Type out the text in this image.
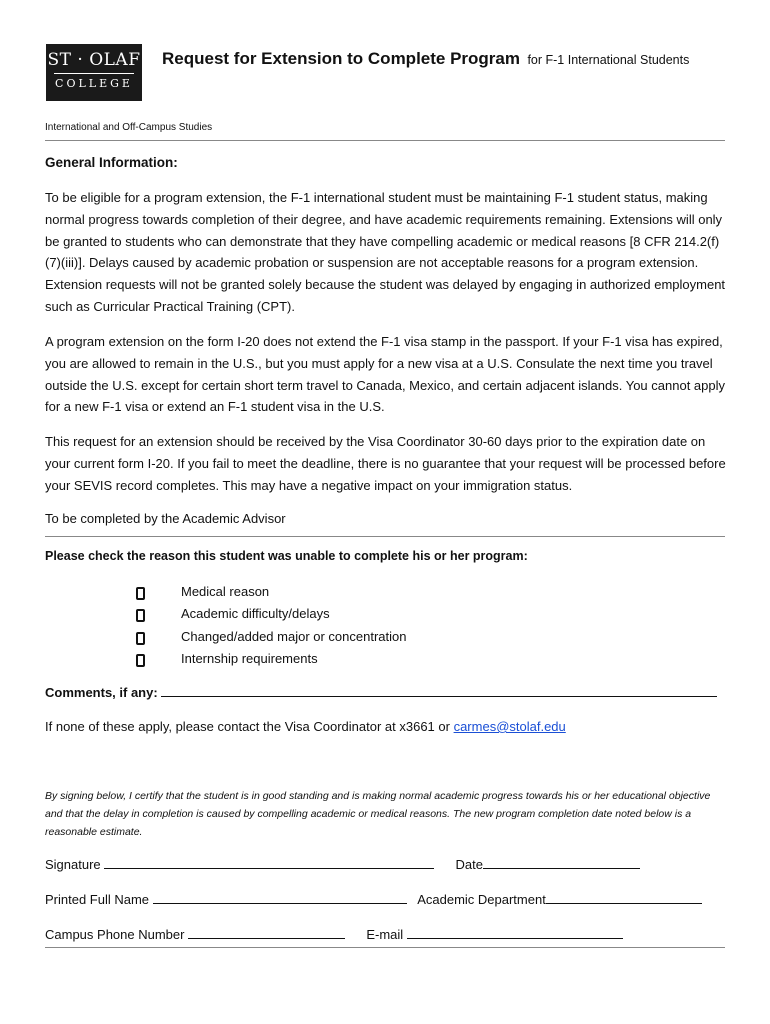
ST · OLAF
COLLEGE
Request for Extension to Complete Program for F-1 International Students
International and Off-Campus Studies
General Information:
To be eligible for a program extension, the F-1 international student must be maintaining F-1 student status, making normal progress towards completion of their degree, and have academic requirements remaining. Extensions will only be granted to students who can demonstrate that they have compelling academic or medical reasons [8 CFR 214.2(f)(7)(iii)]. Delays caused by academic probation or suspension are not acceptable reasons for a program extension. Extension requests will not be granted solely because the student was delayed by engaging in authorized employment such as Curricular Practical Training (CPT).
A program extension on the form I-20 does not extend the F-1 visa stamp in the passport. If your F-1 visa has expired, you are allowed to remain in the U.S., but you must apply for a new visa at a U.S. Consulate the next time you travel outside the U.S. except for certain short term travel to Canada, Mexico, and certain adjacent islands. You cannot apply for a new F-1 visa or extend an F-1 student visa in the U.S.
This request for an extension should be received by the Visa Coordinator 30-60 days prior to the expiration date on your current form I-20. If you fail to meet the deadline, there is no guarantee that your request will be processed before your SEVIS record completes. This may have a negative impact on your immigration status.
To be completed by the Academic Advisor
Please check the reason this student was unable to complete his or her program:
Medical reason
Academic difficulty/delays
Changed/added major or concentration
Internship requirements
Comments, if any:
If none of these apply, please contact the Visa Coordinator at x3661 or carmes@stolaf.edu
By signing below, I certify that the student is in good standing and is making normal academic progress towards his or her educational objective and that the delay in completion is caused by compelling academic or medical reasons. The new program completion date noted below is a reasonable estimate.
Signature	Date
Printed Full Name	Academic Department
Campus Phone Number	E-mail
